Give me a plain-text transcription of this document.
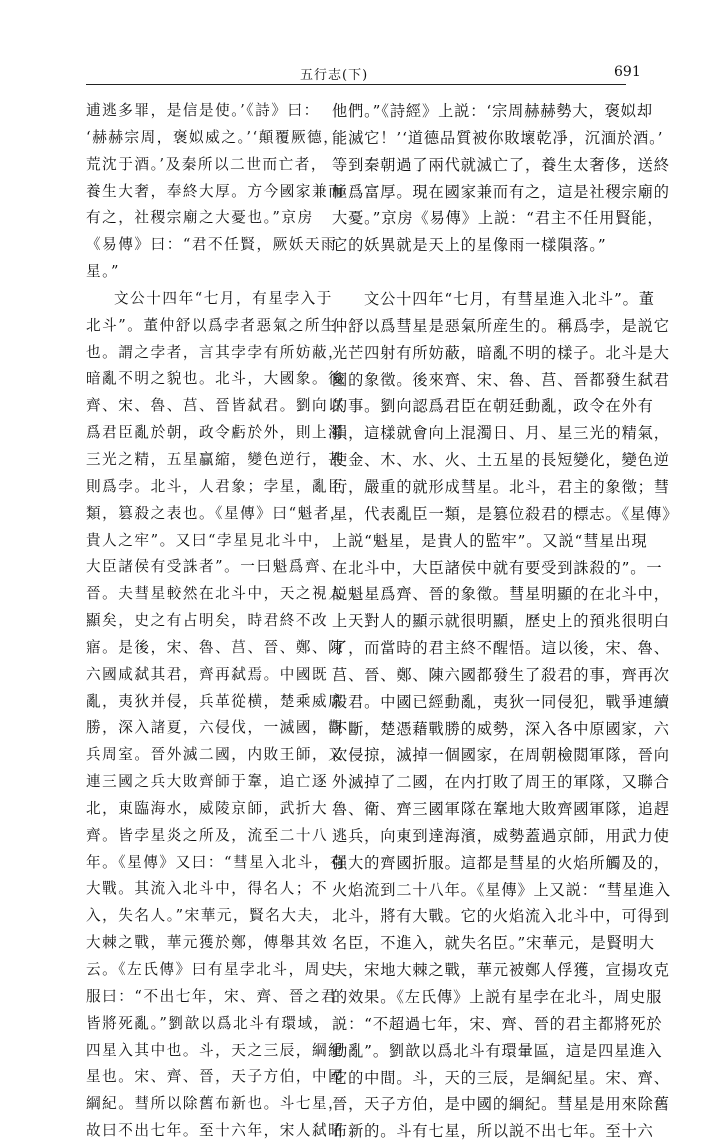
五行志(下)	691
逋逃多罪，是信是使。’《詩》曰：
‘赫赫宗周，褒姒威之。’‘顛覆厥德，
荒沈于酒。’及秦所以二世而亡者，
養生大奢，奉終大厚。方今國家兼而
有之，社稷宗廟之大憂也。”京房
《易傳》曰：“君不任賢，厥妖天雨
星。”
文公十四年“七月，有星孛入于
北斗”。董仲舒以爲孛者惡氣之所生
也。謂之孛者，言其孛孛有所妨蔽，
暗亂不明之貌也。北斗，大國象。後
齊、宋、魯、莒、晉皆弑君。劉向以
爲君臣亂於朝，政令虧於外，則上濁
三光之精，五星贏縮，變色逆行，甚
則爲孛。北斗，人君象；孛星，亂臣
類，篡殺之表也。《星傳》曰“魁者，
貴人之牢”。又曰“孛星見北斗中，
大臣諸侯有受誅者”。一曰魁爲齊、
晉。夫彗星較然在北斗中，天之視人
顯矣，史之有占明矣，時君終不改
寤。是後，宋、魯、莒、晉、鄭、陳
六國咸弑其君，齊再弑焉。中國既
亂，夷狄并侵，兵革從横，楚乘威席
勝，深入諸夏，六侵伐，一滅國，觀
兵周室。晉外滅二國，内敗王師，又
連三國之兵大敗齊師于鞌，追亡逐
北，東臨海水，威陵京師，武折大
齊。皆孛星炎之所及，流至二十八
年。《星傳》又曰：“彗星入北斗，有
大戰。其流入北斗中，得名人；不
入，失名人。”宋華元，賢名大夫，
大棘之戰，華元獲於鄭，傳舉其效
云。《左氏傳》曰有星孛北斗，周史
服曰：“不出七年，宋、齊、晉之君
皆將死亂。”劉歆以爲北斗有環域，
四星入其中也。斗，天之三辰，綱紀
星也。宋、齊、晉，天子方伯，中國
綱紀。彗所以除舊布新也。斗七星，
故曰不出七年。至十六年，宋人弑昭
他們。”《詩經》上説：‘宗周赫赫勢大，褒姒却
能滅它！’‘道德品質被你敗壞乾凈，沉湎於酒。’
等到秦朝過了兩代就滅亡了，養生太奢侈，送終
極爲富厚。現在國家兼而有之，這是社稷宗廟的
大憂。”京房《易傳》上説：“君主不任用賢能，
它的妖異就是天上的星像雨一樣隕落。”
文公十四年“七月，有彗星進入北斗”。董
仲舒以爲彗星是惡氣所産生的。稱爲孛，是説它
光芒四射有所妨蔽，暗亂不明的樣子。北斗是大
國的象徵。後來齊、宋、魯、莒、晉都發生弑君
的事。劉向認爲君臣在朝廷動亂，政令在外有
損，這樣就會向上混濁日、月、星三光的精氣，
使金、木、水、火、土五星的長短變化，變色逆
行，嚴重的就形成彗星。北斗，君主的象徵；彗
星，代表亂臣一類，是篡位殺君的標志。《星傳》
上説“魁星，是貴人的監牢”。又説“彗星出現
在北斗中，大臣諸侯中就有要受到誅殺的”。一
説魁星爲齊、晉的象徵。彗星明顯的在北斗中，
上天對人的顯示就很明顯，歷史上的預兆很明白
了，而當時的君主終不醒悟。這以後，宋、魯、
莒、晉、鄭、陳六國都發生了殺君的事，齊再次
殺君。中國已經動亂，夷狄一同侵犯，戰爭連續
不斷，楚憑藉戰勝的威勢，深入各中原國家，六
次侵掠，滅掉一個國家，在周朝檢閲軍隊，晉向
外滅掉了二國，在内打敗了周王的軍隊，又聯合
魯、衛、齊三國軍隊在鞌地大敗齊國軍隊，追趕
逃兵，向東到達海濱，威勢蓋過京師，用武力使
强大的齊國折服。這都是彗星的火焰所觸及的，
火焰流到二十八年。《星傳》上又説：“彗星進入
北斗，將有大戰。它的火焰流入北斗中，可得到
名臣，不進入，就失名臣。”宋華元，是賢明大
夫，宋地大棘之戰，華元被鄭人俘獲，宣揚攻克
的效果。《左氏傳》上説有星孛在北斗，周史服
説：“不超過七年，宋、齊、晉的君主都將死於
動亂”。劉歆以爲北斗有環暈區，這是四星進入
它的中間。斗，天的三辰，是綱紀星。宋、齊、
晉，天子方伯，是中國的綱紀。彗星是用來除舊
布新的。斗有七星，所以説不出七年。至十六
